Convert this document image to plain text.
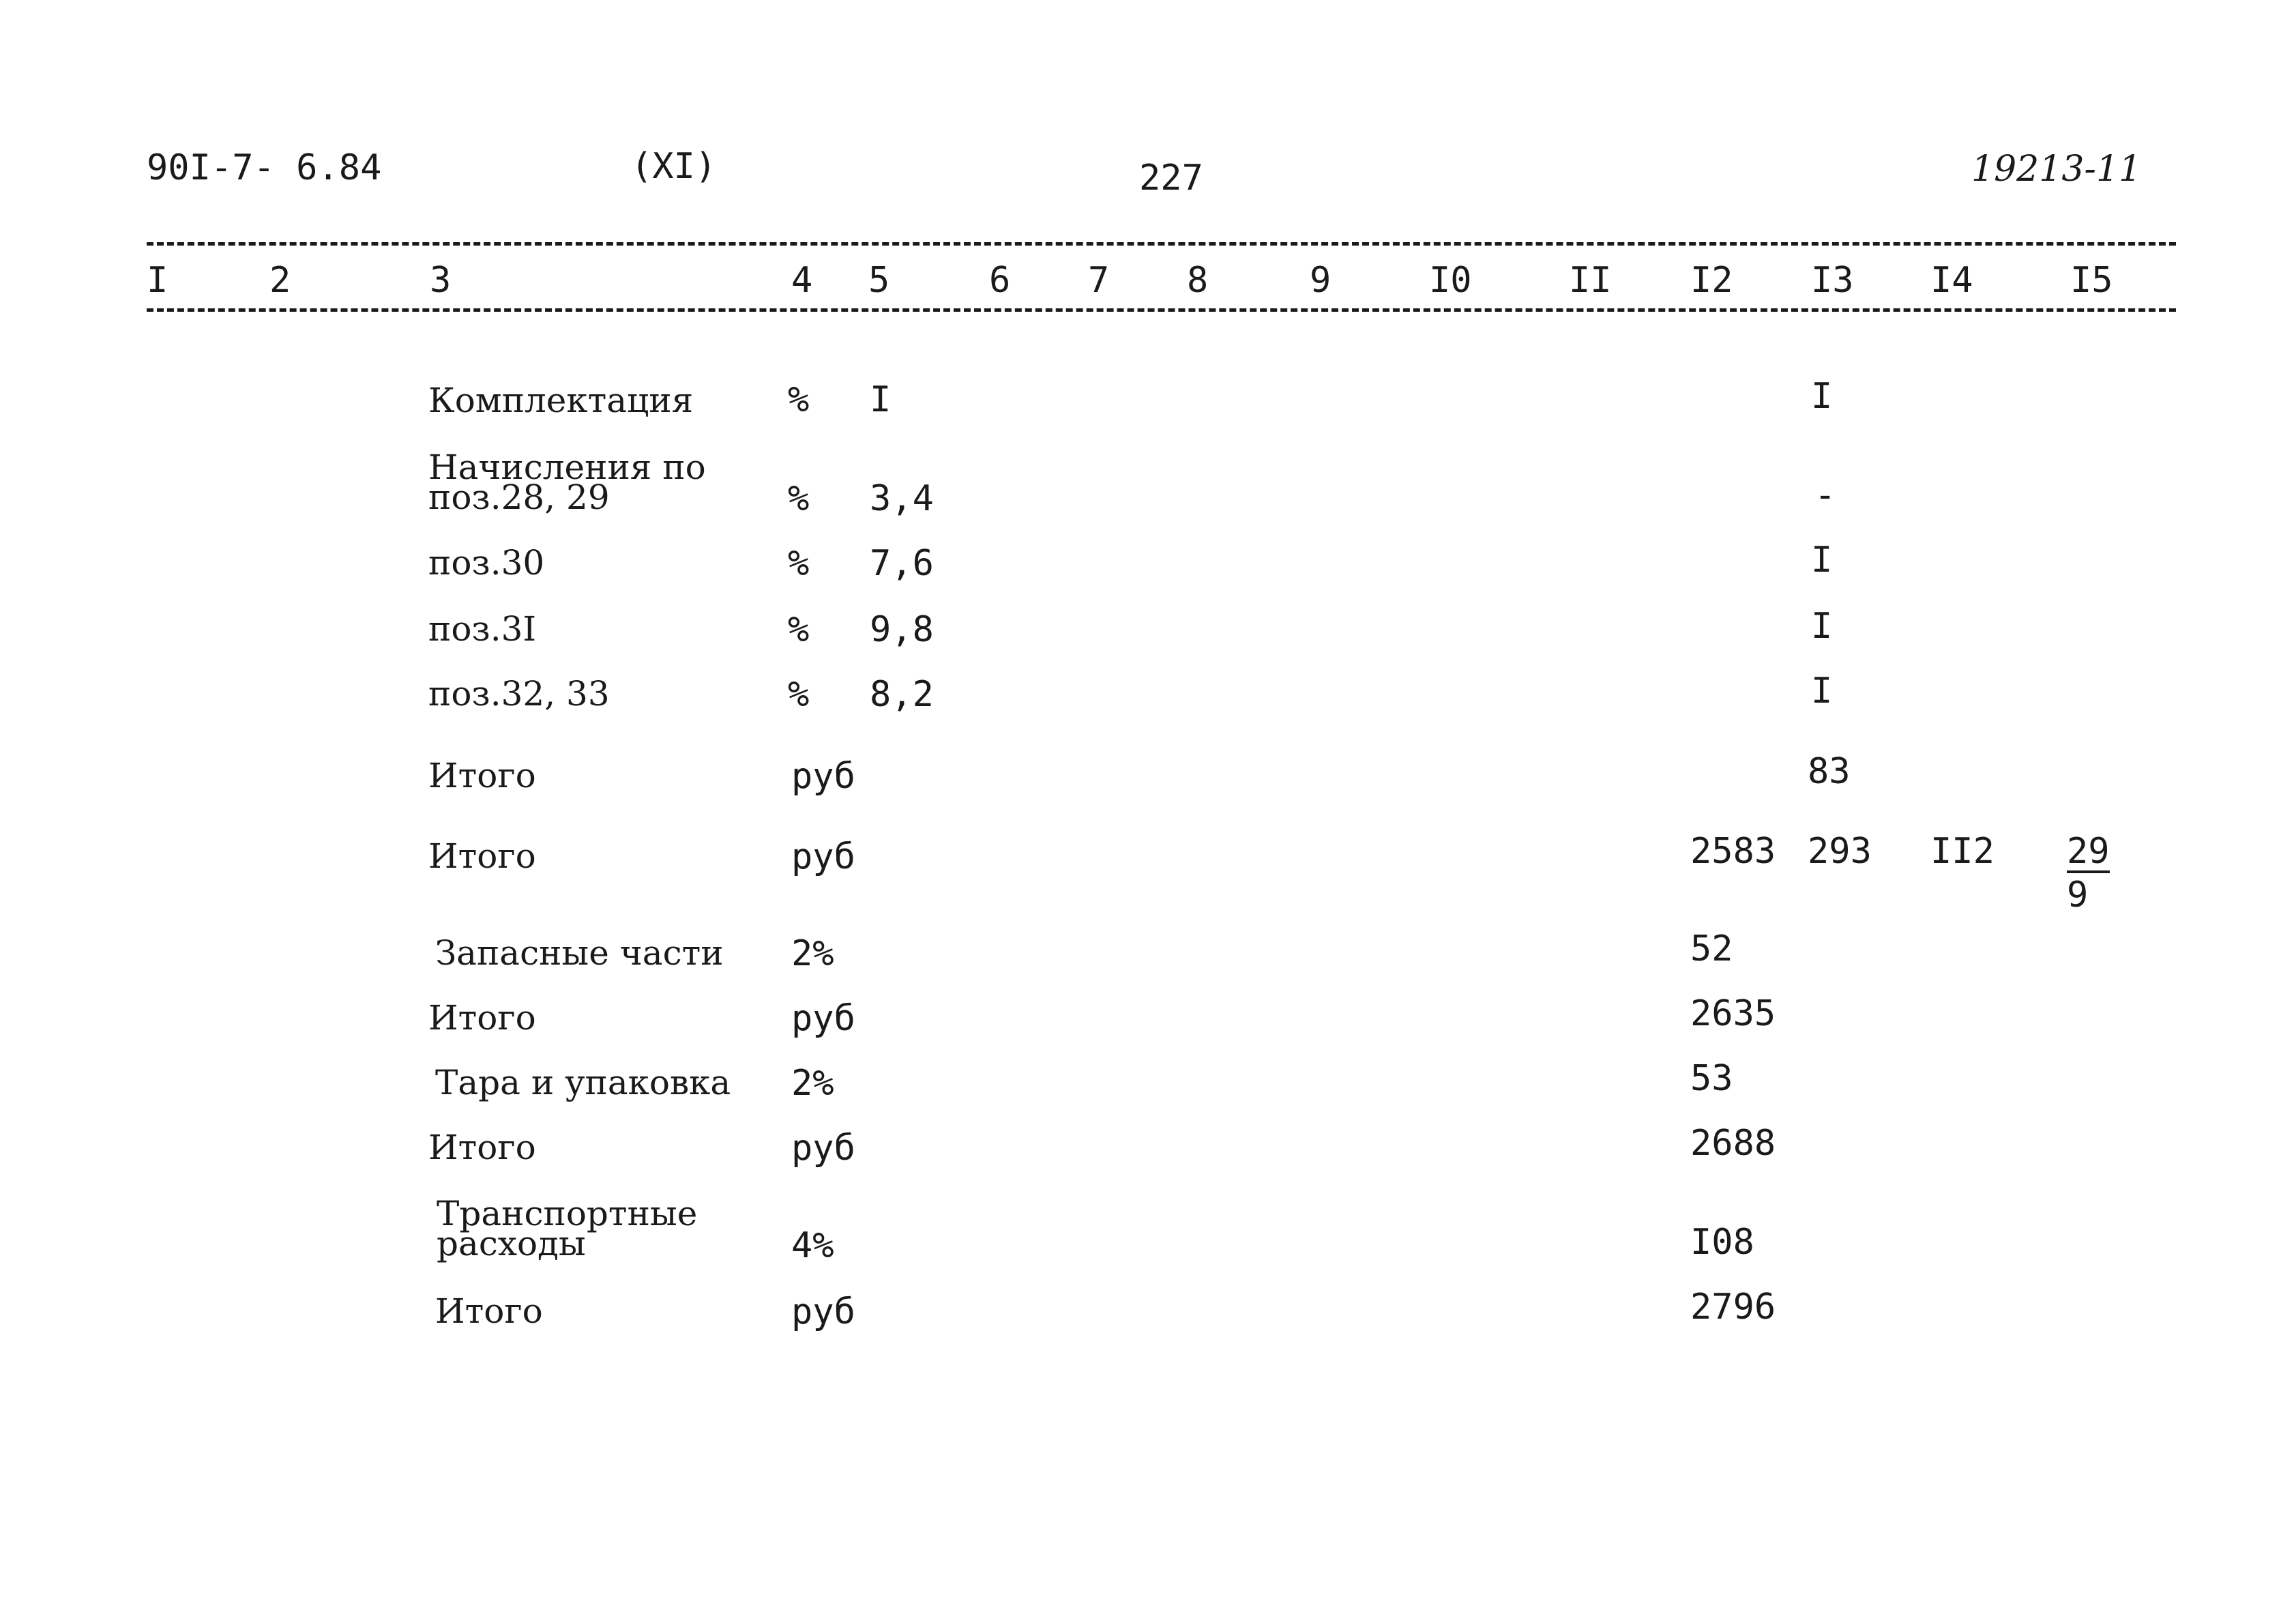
90I-7- 6.84	(XI)	227	19213-11
I	2	3	4 5	6 7 8	9	I0	II I2 I3 I4	I5
Комплектация	% I	I
Начисления по
поз.28, 29	% 3,4	-
поз.30	% 7,6	I
поз.3I	% 9,8	I
поз.32, 33	% 8,2	I
Итого	руб	83
Итого	руб	2583 293 $II2 \frac{29}{9}$
Запасные части 2%	52
Итого	руб	2635
Тара и упаковка 2%	53
Итого	руб	2688
Транспортные
расходы	4%	I08
Итого	руб	2796
